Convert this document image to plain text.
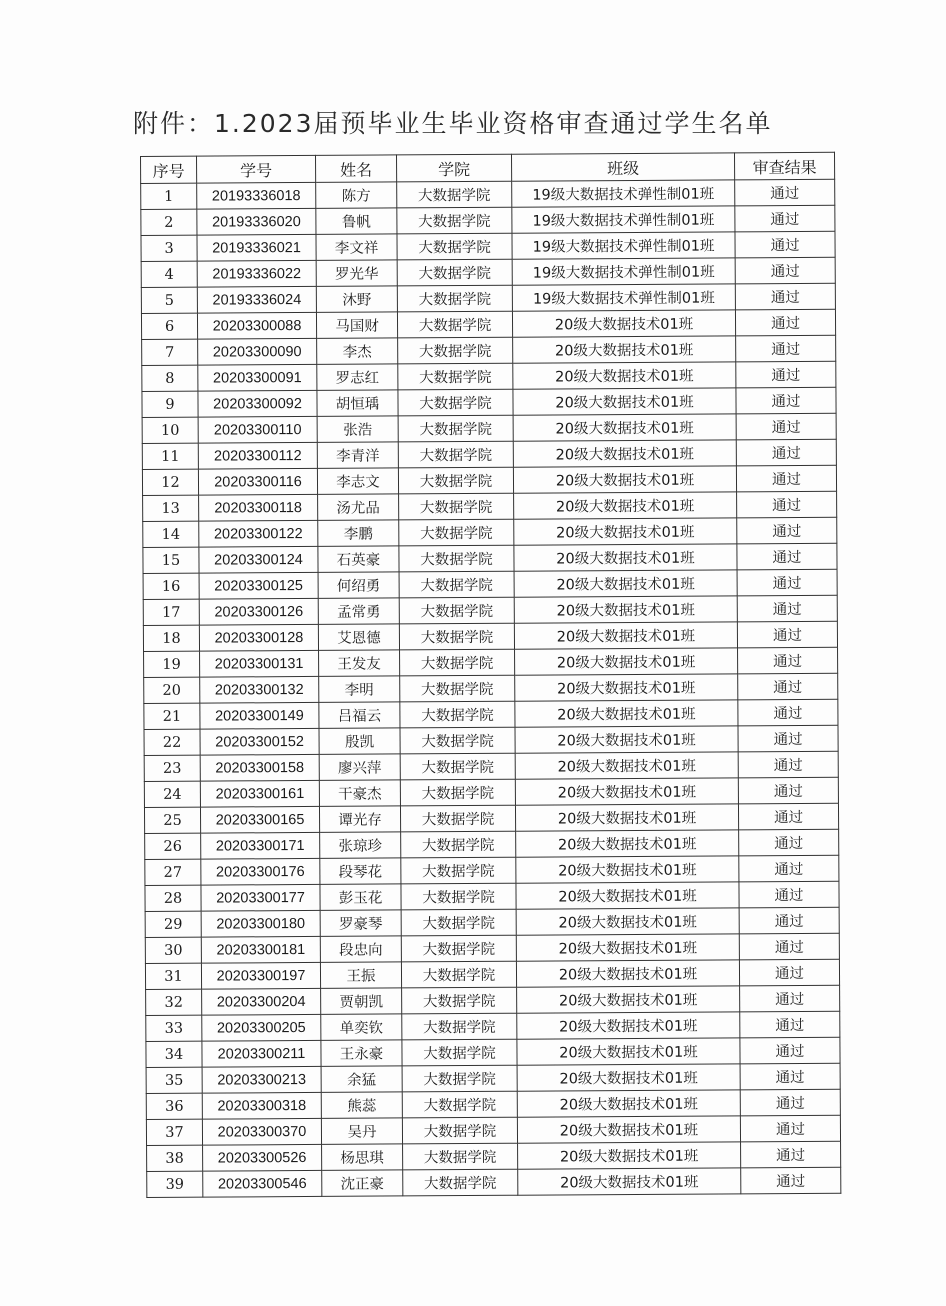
附件：1.2023届预毕业生毕业资格审查通过学生名单
序号	学号	姓名	学院	班级	审查结果
1	20193336018	陈方	大数据学院	19级大数据技术弹性制01班	通过
2	20193336020	鲁帆	大数据学院	19级大数据技术弹性制01班	通过
3	20193336021	李文祥	大数据学院	19级大数据技术弹性制01班	通过
4	20193336022	罗光华	大数据学院	19级大数据技术弹性制01班	通过
5	20193336024	沐野	大数据学院	19级大数据技术弹性制01班	通过
6	20203300088	马国财	大数据学院	20级大数据技术01班	通过
7	20203300090	李杰	大数据学院	20级大数据技术01班	通过
8	20203300091	罗志红	大数据学院	20级大数据技术01班	通过
9	20203300092	胡恒瑀	大数据学院	20级大数据技术01班	通过
10	20203300110	张浩	大数据学院	20级大数据技术01班	通过
11	20203300112	李青洋	大数据学院	20级大数据技术01班	通过
12	20203300116	李志文	大数据学院	20级大数据技术01班	通过
13	20203300118	汤尤品	大数据学院	20级大数据技术01班	通过
14	20203300122	李鹏	大数据学院	20级大数据技术01班	通过
15	20203300124	石英豪	大数据学院	20级大数据技术01班	通过
16	20203300125	何绍勇	大数据学院	20级大数据技术01班	通过
17	20203300126	孟常勇	大数据学院	20级大数据技术01班	通过
18	20203300128	艾恩德	大数据学院	20级大数据技术01班	通过
19	20203300131	王发友	大数据学院	20级大数据技术01班	通过
20	20203300132	李明	大数据学院	20级大数据技术01班	通过
21	20203300149	吕福云	大数据学院	20级大数据技术01班	通过
22	20203300152	殷凯	大数据学院	20级大数据技术01班	通过
23	20203300158	廖兴萍	大数据学院	20级大数据技术01班	通过
24	20203300161	干豪杰	大数据学院	20级大数据技术01班	通过
25	20203300165	谭光存	大数据学院	20级大数据技术01班	通过
26	20203300171	张琼珍	大数据学院	20级大数据技术01班	通过
27	20203300176	段琴花	大数据学院	20级大数据技术01班	通过
28	20203300177	彭玉花	大数据学院	20级大数据技术01班	通过
29	20203300180	罗豪琴	大数据学院	20级大数据技术01班	通过
30	20203300181	段忠向	大数据学院	20级大数据技术01班	通过
31	20203300197	王振	大数据学院	20级大数据技术01班	通过
32	20203300204	贾朝凯	大数据学院	20级大数据技术01班	通过
33	20203300205	单奕钦	大数据学院	20级大数据技术01班	通过
34	20203300211	王永豪	大数据学院	20级大数据技术01班	通过
35	20203300213	余猛	大数据学院	20级大数据技术01班	通过
36	20203300318	熊蕊	大数据学院	20级大数据技术01班	通过
37	20203300370	吴丹	大数据学院	20级大数据技术01班	通过
38	20203300526	杨思琪	大数据学院	20级大数据技术01班	通过
39	20203300546	沈正豪	大数据学院	20级大数据技术01班	通过
